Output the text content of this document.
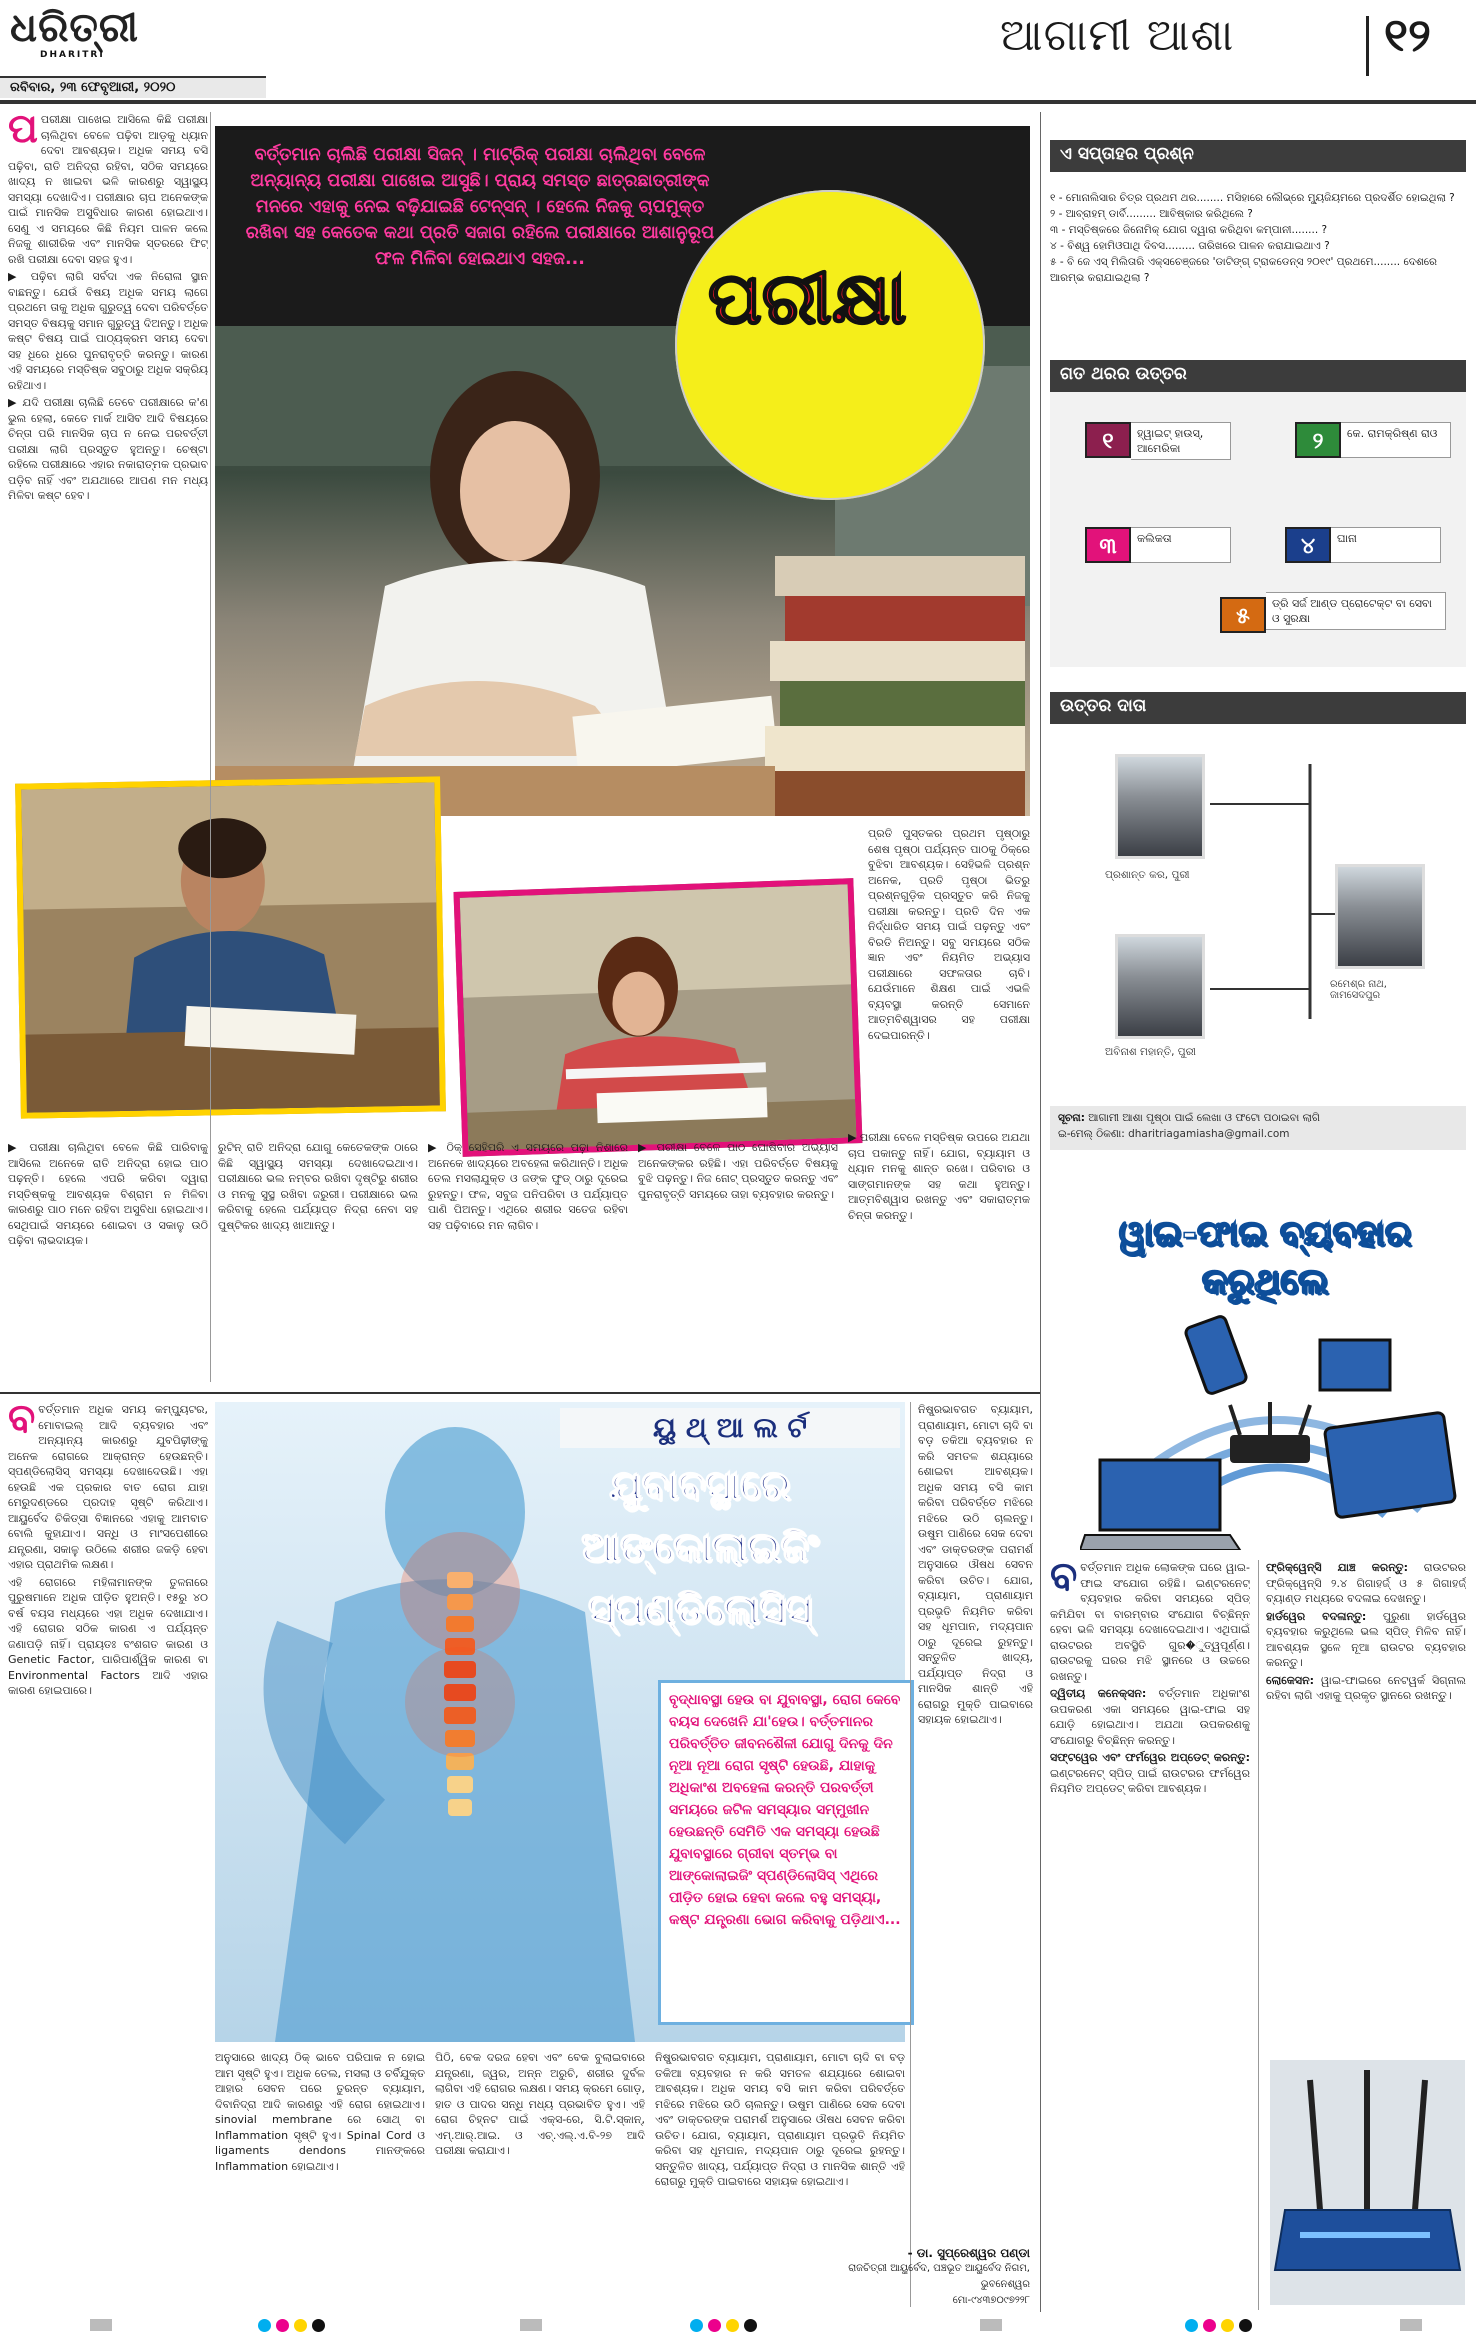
ଧରିତ୍ରୀ
DHARITRI
ରବିବାର, ୨୩ ଫେବୃଆରୀ, ୨୦୨୦
ଆଗାମୀ ଆଶା	୧୨
ବର୍ତ୍ତମାନ ଚାଲିଛି ପରୀକ୍ଷା ସିଜନ୍ । ମାଟ୍ରିକ୍ ପରୀକ୍ଷା ଚାଲିଥିବା ବେଳେ ଅନ୍ୟାନ୍ୟ ପରୀକ୍ଷା ପାଖେଇ ଆସୁଛି। ପ୍ରାୟ ସମସ୍ତ ଛାତ୍ରଛାତ୍ରୀଙ୍କ ମନରେ ଏହାକୁ ନେଇ ବଢ଼ିଯାଇଛି ଟେନ୍‌ସନ୍ । ହେଲେ ନିଜକୁ ଚାପମୁକ୍ତ ରଖିବା ସହ କେତେକ କଥା ପ୍ରତି ସଜାଗ ରହିଲେ ପରୀକ୍ଷାରେ ଆଶାନୁରୂପ ଫଳ ମିଳିବା ହୋଇଥାଏ ସହଜ...	ପରୀକ୍ଷା

ପପରୀକ୍ଷା ପାଖେଇ ଆସିଲେ କିଛି ପରୀକ୍ଷା ଚାଲିଥିବା ବେଳେ ପଢ଼ିବା ଆଡ଼କୁ ଧ୍ୟାନ ଦେବା ଆବଶ୍ୟକ। ଅଧିକ ସମୟ ବସି ପଢ଼ିବା, ରାତି ଅନିଦ୍ରା ରହିବା, ସଠିକ ସମୟରେ ଖାଦ୍ୟ ନ ଖାଇବା ଭଳି କାରଣରୁ ସ୍ୱାସ୍ଥ୍ୟ ସମସ୍ୟା ଦେଖାଦିଏ। ପରୀକ୍ଷାର ଚାପ ଅନେକଙ୍କ ପାଇଁ ମାନସିକ ଅସୁବିଧାର କାରଣ ହୋଇଥାଏ। ସେଣୁ ଏ ସମୟରେ କିଛି ନିୟମ ପାଳନ କଲେ ନିଜକୁ ଶାରୀରିକ ଏବଂ ମାନସିକ ସ୍ତରରେ ଫିଟ୍ ରଖି ପରୀକ୍ଷା ଦେବା ସହଜ ହୁଏ।

▶ ପଢ଼ିବା ଲାଗି ସର୍ବଦା ଏକ ନିରୋଳା ସ୍ଥାନ ବାଛନ୍ତୁ। ଯେଉଁ ବିଷୟ ଅଧିକ ସମୟ ଲାଗେ ପ୍ରଥମେ ତାକୁ ଅଧିକ ଗୁରୁତ୍ୱ ଦେବା ପରିବର୍ତ୍ତେ ସମସ୍ତ ବିଷୟକୁ ସମାନ ଗୁରୁତ୍ୱ ଦିଅନ୍ତୁ। ଅଧିକ କଷ୍ଟ ବିଷୟ ପାଇଁ ପାଠ୍ୟକ୍ରମ ସମୟ ଦେବା ସହ ଧିରେ ଧିରେ ପୁନରାବୃତ୍ତି କରନ୍ତୁ। କାରଣ ଏହି ସମୟରେ ମସ୍ତିଷ୍କ ସବୁଠାରୁ ଅଧିକ ସକ୍ରିୟ ରହିଥାଏ।

▶ ଯଦି ପରୀକ୍ଷା ଚାଲିଛି ତେବେ ପରୀକ୍ଷାରେ କ'ଣ ଭୁଲ ହେଲା, କେତେ ମାର୍କ ଆସିବ ଆଦି ବିଷୟରେ ଚିନ୍ତା ପରି ମାନସିକ ଚାପ ନ ନେଇ ପରବର୍ତ୍ତୀ ପରୀକ୍ଷା ଲାଗି ପ୍ରସ୍ତୁତ ହୁଅନ୍ତୁ। ଚେଷ୍ଟା ରହିଲେ ପରୀକ୍ଷାରେ ଏହାର ନକାରାତ୍ମକ ପ୍ରଭାବ ପଡ଼ିବ ନାହିଁ ଏବଂ ଅଯଥାରେ ଆପଣ ମନ ମଧ୍ୟ ମିଳିବା କଷ୍ଟ ହେବ।

ପ୍ରତି ପୁସ୍ତକର ପ୍ରଥମ ପୃଷ୍ଠାରୁ ଶେଷ ପୃଷ୍ଠା ପର୍ଯ୍ୟନ୍ତ ପାଠକୁ ଠିକ୍‌ରେ ବୁଝିବା ଆବଶ୍ୟକ। ସେହିଭଳି ପ୍ରଶ୍ନ ଅନେକ, ପ୍ରତି ପୃଷ୍ଠା ଭିତରୁ ପ୍ରଶ୍ନଗୁଡ଼ିକ ପ୍ରସ୍ତୁତ କରି ନିଜକୁ ପରୀକ୍ଷା କରନ୍ତୁ। ପ୍ରତି ଦିନ ଏକ ନିର୍ଦ୍ଧାରିତ ସମୟ ପାଇଁ ପଢ଼ନ୍ତୁ ଏବଂ ବିରତି ନିଅନ୍ତୁ। ସବୁ ସମୟରେ ସଠିକ ଜ୍ଞାନ ଏବଂ ନିୟମିତ ଅଭ୍ୟାସ ପରୀକ୍ଷାରେ ସଫଳତାର ଚାବି। ଯେଉଁମାନେ ଶିକ୍ଷଣ ପାଇଁ ଏଭଳି ବ୍ୟବସ୍ଥା କରନ୍ତି ସେମାନେ ଆତ୍ମବିଶ୍ୱାସର ସହ ପରୀକ୍ଷା ଦେଇପାରନ୍ତି।

▶ ପରୀକ୍ଷା ଚାଲିଥିବା ବେଳେ କିଛି ପାରିବାକୁ ଆସିଲେ ଅନେକେ ରାତି ଅନିଦ୍ରା ହୋଇ ପାଠ ପଢ଼ନ୍ତି। ହେଲେ ଏପରି କରିବା ଦ୍ୱାରା ମସ୍ତିଷ୍କକୁ ଆବଶ୍ୟକ ବିଶ୍ରାମ ନ ମିଳିବା କାରଣରୁ ପାଠ ମନେ ରହିବା ଅସୁବିଧା ହୋଇଥାଏ। ସେଥିପାଇଁ ସମୟରେ ଶୋଇବା ଓ ସକାଳୁ ଉଠି ପଢ଼ିବା ଲାଭଦାୟକ।

ରୁଟିନ୍ ରାତି ଅନିଦ୍ରା ଯୋଗୁ କେତେକଙ୍କ ଠାରେ କିଛି ସ୍ୱାସ୍ଥ୍ୟ ସମସ୍ୟା ଦେଖାଦେଇଥାଏ। ପରୀକ୍ଷାରେ ଭଲ ନମ୍ବର ରଖିବା ଦୃଷ୍ଟିରୁ ଶରୀର ଓ ମନକୁ ସୁସ୍ଥ ରଖିବା ଜରୁରୀ। ପରୀକ୍ଷାରେ ଭଲ କରିବାକୁ ହେଲେ ପର୍ଯ୍ୟାପ୍ତ ନିଦ୍ରା ନେବା ସହ ପୁଷ୍ଟିକର ଖାଦ୍ୟ ଖାଆନ୍ତୁ।

▶ ଠିକ୍ ସେହିପରି ଏ ସମୟରେ ପଢ଼ା ନିଶାରେ ଅନେକେ ଖାଦ୍ୟରେ ଅବହେଳା କରିଥାନ୍ତି। ଅଧିକ ତେଲ ମସଲାଯୁକ୍ତ ଓ ଜଙ୍କ ଫୁଡ୍ ଠାରୁ ଦୂରେଇ ରୁହନ୍ତୁ। ଫଳ, ସବୁଜ ପନିପରିବା ଓ ପର୍ଯ୍ୟାପ୍ତ ପାଣି ପିଅନ୍ତୁ। ଏଥିରେ ଶରୀର ସତେଜ ରହିବା ସହ ପଢ଼ିବାରେ ମନ ଲାଗିବ।

▶ ପରୀକ୍ଷା ବେଳେ ପାଠ ଘୋଷିବାର ଅଭ୍ୟାସ ଅନେକଙ୍କର ରହିଛି। ଏହା ପରିବର୍ତ୍ତେ ବିଷୟକୁ ବୁଝି ପଢ଼ନ୍ତୁ। ନିଜ ନୋଟ୍ ପ୍ରସ୍ତୁତ କରନ୍ତୁ ଏବଂ ପୁନରାବୃତ୍ତି ସମୟରେ ତାହା ବ୍ୟବହାର କରନ୍ତୁ।

▶ ପରୀକ୍ଷା ବେଳେ ମସ୍ତିଷ୍କ ଉପରେ ଅଯଥା ଚାପ ପକାନ୍ତୁ ନାହିଁ। ଯୋଗ, ବ୍ୟାୟାମ ଓ ଧ୍ୟାନ ମନକୁ ଶାନ୍ତ ରଖେ। ପରିବାର ଓ ସାଙ୍ଗମାନଙ୍କ ସହ କଥା ହୁଅନ୍ତୁ। ଆତ୍ମବିଶ୍ୱାସ ରଖନ୍ତୁ ଏବଂ ସକାରାତ୍ମକ ଚିନ୍ତା କରନ୍ତୁ।

ଏ ସପ୍ତାହର ପ୍ରଶ୍ନ
୧ - ମୋନାଲିସାର ଚିତ୍ର ପ୍ରଥମ ଥର........ ମସିହାରେ ଲୌଭ୍ରେ ମ୍ୟୁଜିୟମରେ ପ୍ରଦର୍ଶିତ ହୋଇଥିଲା ?
୨ - ଆବ୍ରାହମ୍ ଡାର୍ବି......... ଆବିଷ୍କାର କରିଥିଲେ ?
୩ - ମସ୍ତିଷ୍କରେ ଜିନୋମିକ୍ ଯୋଗ ଦ୍ୱାରା କରିଥିବା କମ୍ପାନୀ........ ?
୪ - ବିଶ୍ୱ ହୋମିଓପାଥି ଦିବସ......... ତାରିଖରେ ପାଳନ କରାଯାଇଥାଏ ?
୫ - ବି ଜେ ଏସ୍ ମିଲିତାରି ଏକ୍ସଚେଞ୍ଜରେ 'ଡାଟିଙ୍ଗ୍ ଟ୍ରାକଡେନ୍ସ ୨୦୧୯' ପ୍ରଥମେ........ ଦେଶରେ ଆରମ୍ଭ କରାଯାଇଥିଲା ?
ଗତ ଥରର ଉତ୍ତର
୧	ହ୍ୱାଇଟ୍ ହାଉସ୍, ଆମେରିକା	୨	କେ. ରାମକ୍ରିଷ୍ଣ ରାଓ
୩	କଲିକତା	୪	ଘାନା
୫
ଡ୍ରି ସର୍ଜ ଆଣ୍ଡ ପ୍ରୋଟେକ୍ଟ ବା ସେବା ଓ ସୁରକ୍ଷା
ଉତ୍ତର ଦାତା
ପ୍ରଶାନ୍ତ କର, ପୁରୀ
ଅବିନାଶ ମହାନ୍ତି, ପୁରୀ
ରମେଶ୍ର ନାଥ, ଜାମସେଦପୁର
ସୂଚନା: ଆଗାମୀ ଆଶା ପୃଷ୍ଠା ପାଇଁ ଲେଖା ଓ ଫଟୋ ପଠାଇବା ଲାଗି
ଇ-ମେଲ୍ ଠିକଣା: dharitriagamiasha@gmail.com
ୱାଇ-ଫାଇ ବ୍ୟବହାର କରୁଥିଲେ

ବବର୍ତ୍ତମାନ ଅଧିକ ଲୋକଙ୍କ ଘରେ ୱାଇ-ଫାଇ ସଂଯୋଗ ରହିଛି। ଇଣ୍ଟରନେଟ୍ ବ୍ୟବହାର କରିବା ସମୟରେ ସ୍ପିଡ୍ କମିଯିବା ବା ବାରମ୍ବାର ସଂଯୋଗ ବିଚ୍ଛିନ୍ନ ହେବା ଭଳି ସମସ୍ୟା ଦେଖାଦେଇଥାଏ। ଏଥିପାଇଁ ରାଉଟରର ଅବସ୍ଥିତି ଗୁର�ୁତ୍ୱପୂର୍ଣ୍ଣ। ରାଉଟରକୁ ଘରର ମଝି ସ୍ଥାନରେ ଓ ଉଚ୍ଚରେ ରଖନ୍ତୁ।

ଦ୍ୱିତୀୟ କନେକ୍ସନ: ବର୍ତ୍ତମାନ ଅଧିକାଂଶ ଉପକରଣ ଏକା ସମୟରେ ୱାଇ-ଫାଇ ସହ ଯୋଡ଼ି ହୋଇଥାଏ। ଅଯଥା ଉପକରଣକୁ ସଂଯୋଗରୁ ବିଚ୍ଛିନ୍ନ କରନ୍ତୁ।

ସଫ୍ଟୱେର ଏବଂ ଫର୍ମୱେର ଅପ୍‌ଡେଟ୍ କରନ୍ତୁ: ଇଣ୍ଟରନେଟ୍ ସ୍ପିଡ୍ ପାଇଁ ରାଉଟରର ଫର୍ମୱେର ନିୟମିତ ଅପ୍‌ଡେଟ୍ କରିବା ଆବଶ୍ୟକ।

ଫ୍ରିକ୍ୱେନ୍ସି ଯାଞ୍ଚ କରନ୍ତୁ: ରାଉଟରର ଫ୍ରିକ୍ୱେନ୍ସି ୨.୪ ଗିଗାହର୍ଜ୍ ଓ ୫ ଗିଗାହର୍ଜ୍ ବ୍ୟାଣ୍ଡ ମଧ୍ୟରେ ବଦଳାଇ ଦେଖନ୍ତୁ।

ହାର୍ଡୱେର ବଦଳାନ୍ତୁ: ପୁରୁଣା ହାର୍ଡୱେର ବ୍ୟବହାର କରୁଥିଲେ ଭଲ ସ୍ପିଡ୍ ମିଳିବ ନାହିଁ। ଆବଶ୍ୟକ ସ୍ଥଳେ ନୂଆ ରାଉଟର ବ୍ୟବହାର କରନ୍ତୁ।

ଲୋକେସନ: ୱାଇ-ଫାଇରେ ନେଟୱର୍କ ସିଗ୍ନାଲ ରହିବା ଲାଗି ଏହାକୁ ପ୍ରକୃତ ସ୍ଥାନରେ ରଖନ୍ତୁ।

ବବର୍ତ୍ତମାନ ଅଧିକ ସମୟ କମ୍ପ୍ୟୁଟର, ମୋବାଇଲ୍ ଆଦି ବ୍ୟବହାର ଏବଂ ଅନ୍ୟାନ୍ୟ କାରଣରୁ ଯୁବପିଢ଼ୀଙ୍କୁ ଅନେକ ରୋଗରେ ଆକ୍ରାନ୍ତ ହେଉଛନ୍ତି। ସ୍ପଣ୍ଡିଲୋସିସ୍ ସମସ୍ୟା ଦେଖାଦେଉଛି। ଏହା ହେଉଛି ଏକ ପ୍ରକାର ବାତ ରୋଗ ଯାହା ମେରୁଦଣ୍ଡରେ ପ୍ରଦାହ ସୃଷ୍ଟି କରିଥାଏ। ଆୟୁର୍ବେଦ ଚିକିତ୍ସା ବିଜ୍ଞାନରେ ଏହାକୁ ଆମବାତ ବୋଲି କୁହାଯାଏ। ସନ୍ଧି ଓ ମାଂସପେଶୀରେ ଯନ୍ତ୍ରଣା, ସକାଳୁ ଉଠିଲେ ଶରୀର ଜକଡ଼ି ହେବା ଏହାର ପ୍ରାଥମିକ ଲକ୍ଷଣ।

ଏହି ରୋଗରେ ମହିଳାମାନଙ୍କ ତୁଳନାରେ ପୁରୁଷମାନେ ଅଧିକ ପୀଡ଼ିତ ହୁଅନ୍ତି। ୧୫ରୁ ୪୦ ବର୍ଷ ବୟସ ମଧ୍ୟରେ ଏହା ଅଧିକ ଦେଖାଯାଏ। ଏହି ରୋଗର ସଠିକ କାରଣ ଏ ପର୍ଯ୍ୟନ୍ତ ଜଣାପଡ଼ି ନାହିଁ। ପ୍ରାୟତଃ ବଂଶଗତ କାରଣ ଓ Genetic Factor, ପାରିପାର୍ଶ୍ୱିକ କାରଣ ବା Environmental Factors ଆଦି ଏହାର କାରଣ ହୋଇପାରେ।

ୟୁ ଥ୍ ଆ ଲ ର୍ଟ
ଯୁବାବସ୍ଥାରେ ଆଙ୍କୋଲାଇଜିଂ ସ୍ପଣ୍ଡିଲୋସିସ୍
ବୃଦ୍ଧାବସ୍ଥା ହେଉ ବା ଯୁବାବସ୍ଥା, ରୋଗ କେବେ ବୟସ ଦେଖେନି ଯା'ହେଉ। ବର୍ତ୍ତମାନର ପରିବର୍ତ୍ତିତ ଜୀବନଶୈଳୀ ଯୋଗୁ ଦିନକୁ ଦିନ ନୂଆ ନୂଆ ରୋଗ ସୃଷ୍ଟି ହେଉଛି, ଯାହାକୁ ଅଧିକାଂଶ ଅବହେଳା କରନ୍ତି ପରବର୍ତ୍ତୀ ସମୟରେ ଜଟିଳ ସମସ୍ୟାର ସମ୍ମୁଖୀନ ହେଉଛନ୍ତି ସେମିତି ଏକ ସମସ୍ୟା ହେଉଛି ଯୁବାବସ୍ଥାରେ ଗ୍ରୀବା ସ୍ତମ୍ଭ ବା ଆଙ୍କୋଲାଇଜିଂ ସ୍ପଣ୍ଡିଲୋସିସ୍ ଏଥିରେ ପୀଡ଼ିତ ହୋଇ ହେବା କଲେ ବହୁ ସମସ୍ୟା, କଷ୍ଟ ଯନ୍ତ୍ରଣା ଭୋଗ କରିବାକୁ ପଡ଼ିଥାଏ...

ଅନୁସାରେ ଖାଦ୍ୟ ଠିକ୍ ଭାବେ ପରିପାକ ନ ହୋଇ ଆମ ସୃଷ୍ଟି ହୁଏ। ଅଧିକ ତେଲ, ମସଲା ଓ ଚର୍ବିଯୁକ୍ତ ଆହାର ସେବନ ପରେ ତୁରନ୍ତ ବ୍ୟାୟାମ, ଦିବାନିଦ୍ରା ଆଦି କାରଣରୁ ଏହି ରୋଗ ହୋଇଥାଏ। sinovial membrane ରେ ସୋଥ୍ ବା Inflammation ସୃଷ୍ଟି ହୁଏ। Spinal Cord ଓ ligaments dendons ମାନଙ୍କରେ Inflammation ହୋଇଥାଏ।

ପିଠି, ବେକ ଦରଜ ହେବା ଏବଂ ବେକ ବୁଲାଇବାରେ ଯନ୍ତ୍ରଣା, ଜ୍ୱର, ଅନ୍ନ ଅରୁଚି, ଶରୀର ଦୁର୍ବଳ ଲାଗିବା ଏହି ରୋଗର ଲକ୍ଷଣ। ସମୟ କ୍ରମେ ଗୋଡ଼, ହାତ ଓ ପାଦର ସନ୍ଧି ମଧ୍ୟ ପ୍ରଭାବିତ ହୁଏ। ଏହି ରୋଗ ଚିହ୍ନଟ ପାଇଁ ଏକ୍ସ-ରେ, ସି.ଟି.ସ୍କାନ୍, ଏମ୍.ଆର୍.ଆଇ. ଓ ଏଚ୍.ଏଲ୍.ଏ.ବି-୨୭ ଆଦି ପରୀକ୍ଷା କରାଯାଏ।

ନିଷ୍ପ୍ରଭାବଗତ ବ୍ୟାୟାମ, ପ୍ରାଣାୟାମ, ମୋଟା ଚାଦି ବା ବଡ଼ ତକିଆ ବ୍ୟବହାର ନ କରି ସମତଳ ଶଯ୍ୟାରେ ଶୋଇବା ଆବଶ୍ୟକ। ଅଧିକ ସମୟ ବସି କାମ କରିବା ପରିବର୍ତ୍ତେ ମଝିରେ ମଝିରେ ଉଠି ଚାଲନ୍ତୁ। ଉଷୁମ ପାଣିରେ ସେକ ଦେବା ଏବଂ ଡାକ୍ତରଙ୍କ ପରାମର୍ଶ ଅନୁସାରେ ଔଷଧ ସେବନ କରିବା ଉଚିତ। ଯୋଗ, ବ୍ୟାୟାମ, ପ୍ରାଣାୟାମ ପ୍ରଭୃତି ନିୟମିତ କରିବା ସହ ଧୂମପାନ, ମଦ୍ୟପାନ ଠାରୁ ଦୂରେଇ ରୁହନ୍ତୁ। ସନ୍ତୁଳିତ ଖାଦ୍ୟ, ପର୍ଯ୍ୟାପ୍ତ ନିଦ୍ରା ଓ ମାନସିକ ଶାନ୍ତି ଏହି ରୋଗରୁ ମୁକ୍ତି ପାଇବାରେ ସହାୟକ ହୋଇଥାଏ।

ନିଷ୍ପ୍ରଭାବଗତ ବ୍ୟାୟାମ, ପ୍ରାଣାୟାମ, ମୋଟା ଚାଦି ବା ବଡ଼ ତକିଆ ବ୍ୟବହାର ନ କରି ସମତଳ ଶଯ୍ୟାରେ ଶୋଇବା ଆବଶ୍ୟକ। ଅଧିକ ସମୟ ବସି କାମ କରିବା ପରିବର୍ତ୍ତେ ମଝିରେ ମଝିରେ ଉଠି ଚାଲନ୍ତୁ। ଉଷୁମ ପାଣିରେ ସେକ ଦେବା ଏବଂ ଡାକ୍ତରଙ୍କ ପରାମର୍ଶ ଅନୁସାରେ ଔଷଧ ସେବନ କରିବା ଉଚିତ। ଯୋଗ, ବ୍ୟାୟାମ, ପ୍ରାଣାୟାମ ପ୍ରଭୃତି ନିୟମିତ କରିବା ସହ ଧୂମପାନ, ମଦ୍ୟପାନ ଠାରୁ ଦୂରେଇ ରୁହନ୍ତୁ। ସନ୍ତୁଳିତ ଖାଦ୍ୟ, ପର୍ଯ୍ୟାପ୍ତ ନିଦ୍ରା ଓ ମାନସିକ ଶାନ୍ତି ଏହି ରୋଗରୁ ମୁକ୍ତି ପାଇବାରେ ସହାୟକ ହୋଇଥାଏ।

- ଡା. ସୁପ୍ରେଶ୍ୱର ପଣ୍ଡା
ରାଜଚିତ୍ରୀ ଆୟୁର୍ବେଦ, ପଞ୍ଚଭୂତ ଆୟୁର୍ବେଦ ନିଗମ, ଭୁବନେଶ୍ୱର
ମୋ-୯୪୩୭୦୯୭୨୨୮
